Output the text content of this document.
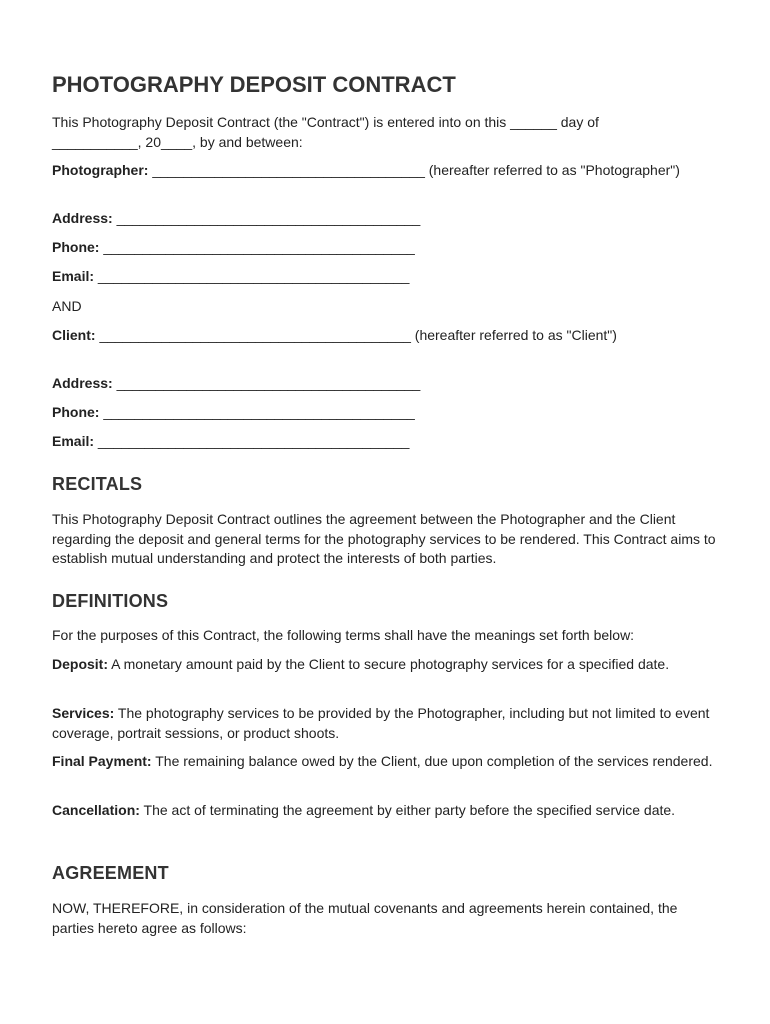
PHOTOGRAPHY DEPOSIT CONTRACT

This Photography Deposit Contract (the "Contract") is entered into on this ______ day of ___________, 20____, by and between:

Photographer: ___________________________________ (hereafter referred to as "Photographer")

Address: _______________________________________

Phone: ________________________________________

Email: ________________________________________

AND

Client: ________________________________________ (hereafter referred to as "Client")

Address: _______________________________________

Phone: ________________________________________

Email: ________________________________________

RECITALS

This Photography Deposit Contract outlines the agreement between the Photographer and the Client regarding the deposit and general terms for the photography services to be rendered. This Contract aims to establish mutual understanding and protect the interests of both parties.

DEFINITIONS

For the purposes of this Contract, the following terms shall have the meanings set forth below:

Deposit: A monetary amount paid by the Client to secure photography services for a specified date.

Services: The photography services to be provided by the Photographer, including but not limited to event coverage, portrait sessions, or product shoots.

Final Payment: The remaining balance owed by the Client, due upon completion of the services rendered.

Cancellation: The act of terminating the agreement by either party before the specified service date.

AGREEMENT

NOW, THEREFORE, in consideration of the mutual covenants and agreements herein contained, the parties hereto agree as follows:
